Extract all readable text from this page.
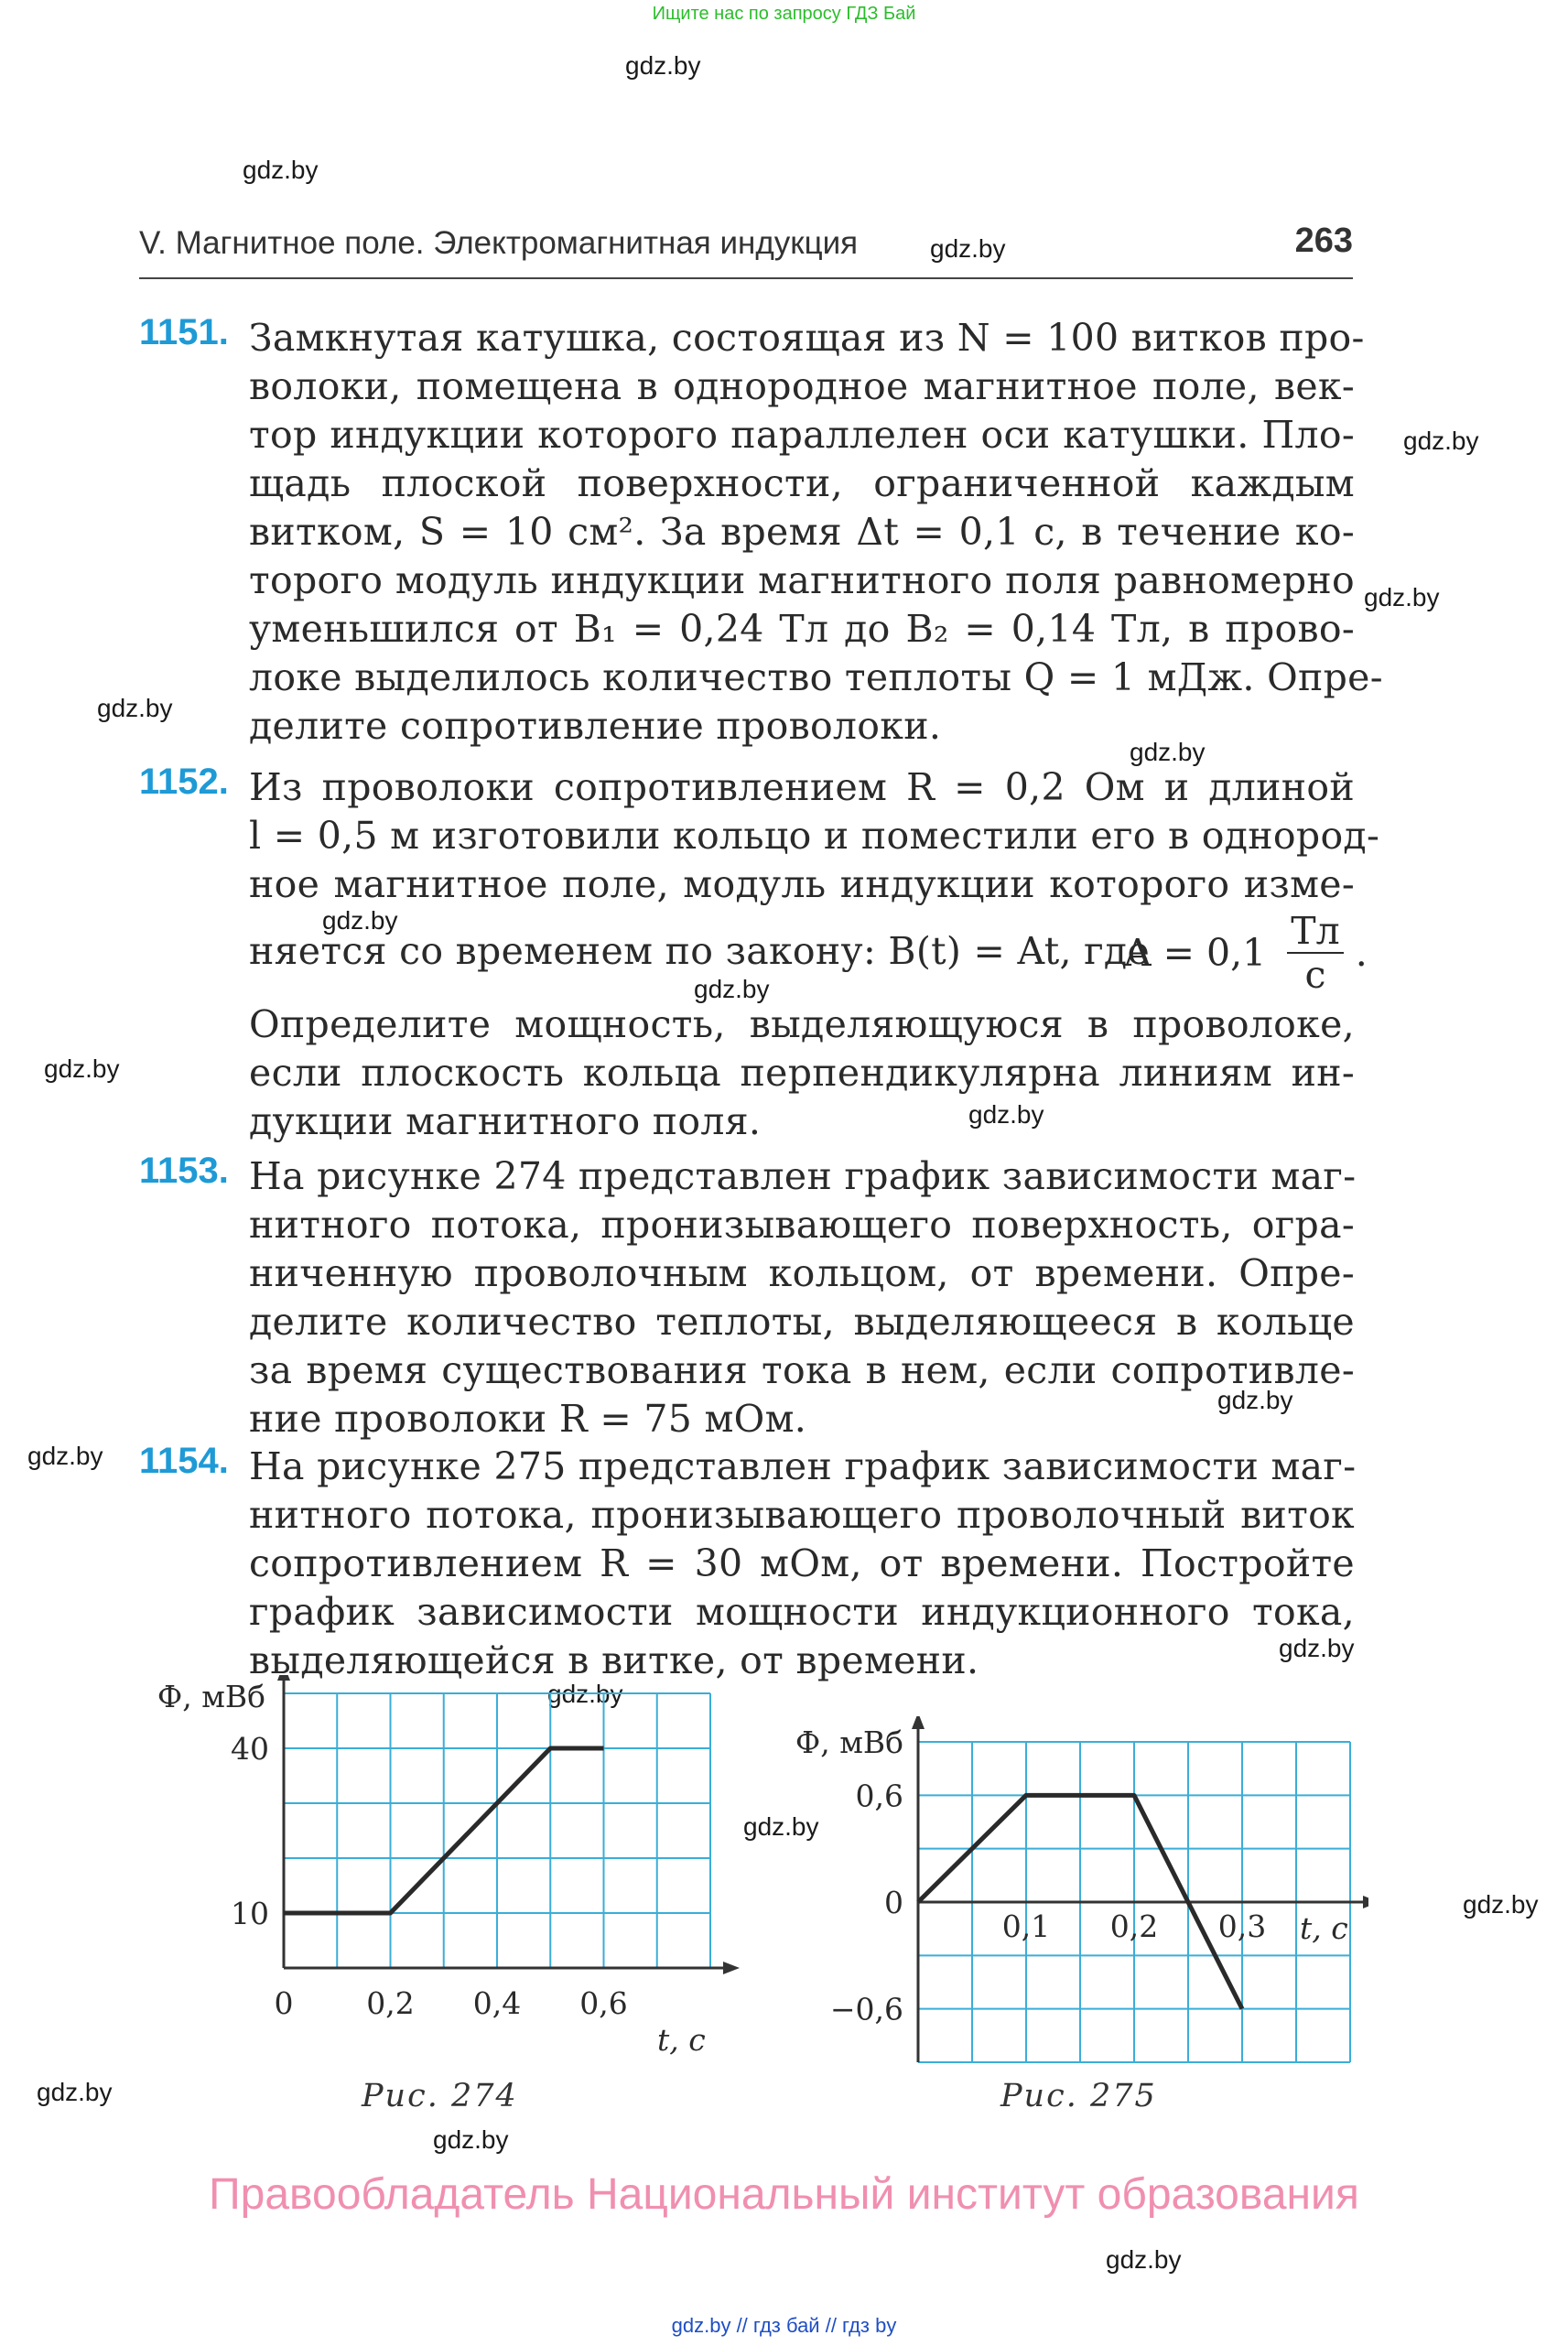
Ищите нас по запросу ГДЗ Бай
gdz.by
gdz.by
gdz.by
gdz.by
gdz.by
gdz.by
gdz.by
gdz.by
gdz.by
gdz.by
gdz.by
gdz.by
gdz.by
gdz.by
gdz.by
gdz.by
gdz.by
gdz.by
gdz.by
gdz.by
V. Магнитное поле. Электромагнитная индукция	263
1151. Замкнутая катушка, состоящая из N = 100 витков про-
волоки, помещена в однородное магнитное поле, век-
тор индукции которого параллелен оси катушки. Пло-
щадь плоской поверхности, ограниченной каждым
витком, S = 10 см². За время Δt = 0,1 с, в течение ко-
торого модуль индукции магнитного поля равномерно
уменьшился от B₁ = 0,24 Тл до B₂ = 0,14 Тл, в прово-
локе выделилось количество теплоты Q = 1 мДж. Опре-
делите сопротивление проволоки.
1152. Из проволоки сопротивлением R = 0,2 Ом и длиной
l = 0,5 м изготовили кольцо и поместили его в однород-
ное магнитное поле, модуль индукции которого изме-
няется со временем по закону: B(t) = At, где
A = 0,1 Тл
с .
Определите мощность, выделяющуюся в проволоке,
если плоскость кольца перпендикулярна линиям ин-
дукции магнитного поля.
1153. На рисунке 274 представлен график зависимости маг-
нитного потока, пронизывающего поверхность, огра-
ниченную проволочным кольцом, от времени. Опре-
делите количество теплоты, выделяющееся в кольце
за время существования тока в нем, если сопротивле-
ние проволоки R = 75 мОм.
1154. На рисунке 275 представлен график зависимости маг-
нитного потока, пронизывающего проволочный виток
сопротивлением R = 30 мОм, от времени. Постройте
график зависимости мощности индукционного тока,
выделяющейся в витке, от времени.
0 0,2 0,4 0,6
10
40
Ф, мВб
t, с
Рис. 274
0,1 0,2 0,3
0,6
0
−0,6
Ф, мВб
t, с
Рис. 275
Правообладатель Национальный институт образования
gdz.by // гдз бай // гдз by
